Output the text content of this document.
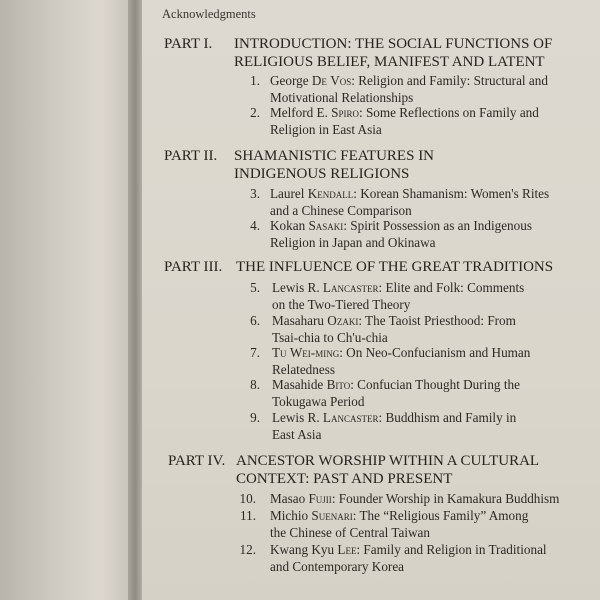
Acknowledgments
PART I. INTRODUCTION: THE SOCIAL FUNCTIONS OF
RELIGIOUS BELIEF, MANIFEST AND LATENT
1. George De Vos: Religion and Family: Structural and
Motivational Relationships
2. Melford E. Spiro: Some Reflections on Family and
Religion in East Asia
PART II. SHAMANISTIC FEATURES IN
INDIGENOUS RELIGIONS
3. Laurel Kendall: Korean Shamanism: Women's Rites
and a Chinese Comparison
4. Kokan Sasaki: Spirit Possession as an Indigenous
Religion in Japan and Okinawa
PART III. THE INFLUENCE OF THE GREAT TRADITIONS
5. Lewis R. Lancaster: Elite and Folk: Comments
on the Two-Tiered Theory
6. Masaharu Ozaki: The Taoist Priesthood: From
Tsai-chia to Ch'u-chia
7. Tu Wei-ming: On Neo-Confucianism and Human
Relatedness
8. Masahide Bito: Confucian Thought During the
Tokugawa Period
9. Lewis R. Lancaster: Buddhism and Family in
East Asia
PART IV. ANCESTOR WORSHIP WITHIN A CULTURAL
CONTEXT: PAST AND PRESENT
10. Masao Fujii: Founder Worship in Kamakura Buddhism
11. Michio Suenari: The “Religious Family” Among
the Chinese of Central Taiwan
12. Kwang Kyu Lee: Family and Religion in Traditional
and Contemporary Korea
